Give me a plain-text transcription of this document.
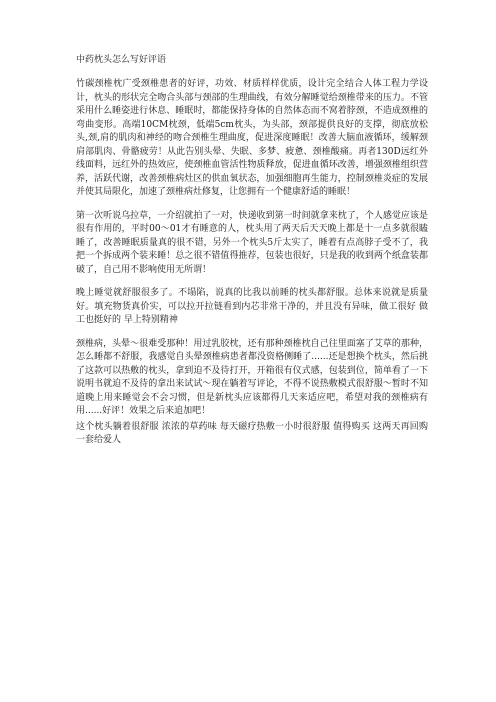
中药枕头怎么写好评语

竹碳颈椎枕广受颈椎患者的好评，功效、材质样样优质，设计完全结合人体工程力学设计，枕头的形状完全吻合头部与颈部的生理曲线，有效分解睡觉给颈椎带来的压力。不管采用什么睡姿进行休息、睡眠时，都能保持身体的自然体态而不窝着脖颈，不造成颈椎的弯曲变形。高端10CM枕颈，低端5cm枕头，为头部，颈部提供良好的支撑，彻底放松头,颈,肩的肌肉和神经的吻合颈椎生理曲度，促进深度睡眠！改善大脑血液循环，缓解颈肩部肌肉、骨骼疲劳！从此告别头晕、失眠、多梦、疲惫、颈椎酸痛。再者130D远红外线面料，远红外的热效应，使颈椎血管活性物质释放，促进血循环改善，增强颈椎组织营养，活跃代谢，改善颈椎病灶区的供血氧状态，加强细胞再生能力，控制颈椎炎症的发展并使其局限化，加速了颈椎病灶修复，让您拥有一个健康舒适的睡眠！

第一次听说乌拉草，一介绍就拍了一对，快递收到第一时间就拿来枕了，个人感觉应该是很有作用的，平时00～01才有睡意的人，枕头用了两天后天天晚上都是十一点多就很瞌睡了，改善睡眠质量真的很不错，另外一个枕头5斤太实了，睡着有点高脖子受不了，我把一个拆成两个装来睡！总之很不错值得推荐，包装也很好，只是我的收到两个纸盒装都破了，自己用不影响使用无所谓！

晚上睡觉就舒服很多了。不塌陷，说真的比我以前睡的枕头都舒服。总体来说就是质量好。填充物货真价实，可以拉开拉链看到内芯非常干净的，并且没有异味，做工很好 做工也挺好的 早上特别精神

颈椎病，头晕～很难受那种！用过乳胶枕，还有那种颈椎枕自己往里面塞了艾草的那种，怎么睡都不舒服，我感觉自头晕颈椎病患者都没资格侧睡了......还是想换个枕头，然后挑了这款可以热敷的枕头，拿到迫不及待打开，开箱很有仪式感，包装到位，简单看了一下说明书就迫不及待的拿出来试试～现在躺着写评论，不得不说热敷模式很舒服～暂时不知道晚上用来睡觉会不会习惯，但是新枕头应该都得几天来适应吧，希望对我的颈椎病有用......好评！效果之后来追加吧！

这个枕头躺着很舒服 浓浓的草药味 每天磁疗热敷一小时很舒服 值得购买 这两天再回购一套给爱人
